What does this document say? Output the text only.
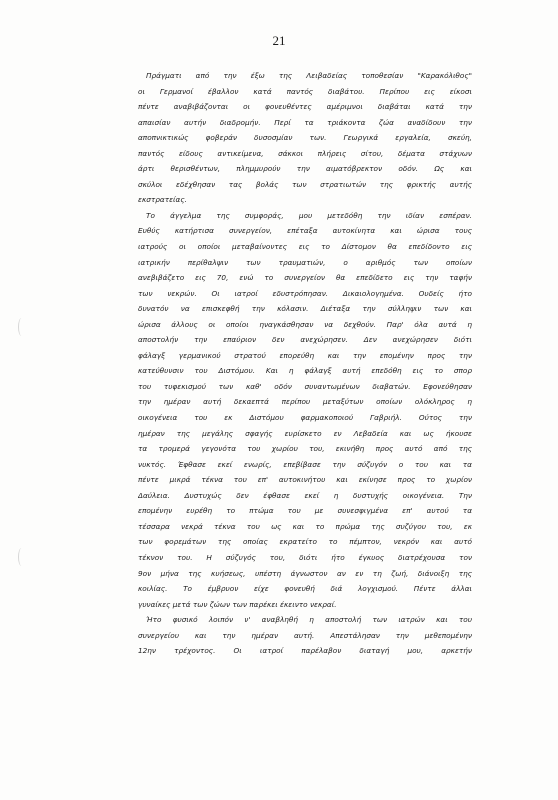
21
Πράγματι από την έξω της Λειβαδείας τοποθεσίαν "Καρακόλιθος"
οι Γερμανοί έβαλλον κατά παντός διαβάτου. Περίπου εις είκοσι
πέντε αναβιβάζονται οι φονευθέντες αμέριμνοι διαβάται κατά την
απαισίαν αυτήν διαδρομήν. Περί τα τριάκοντα ζώα αναδίδουν την
αποπνικτικώς φοβεράν δυσοσμίαν των. Γεωργικά εργαλεία, σκεύη,
παντός είδους αντικείμενα, σάκκοι πλήρεις σίτου, δέματα στάχυων
άρτι θερισθέντων, πλημμυρούν την αιματόβρεκτον οδόν. Ως και
σκύλοι εδέχθησαν τας βολάς των στρατιωτών της φρικτής αυτής
εκστρατείας.
Το άγγελμα της συμφοράς, μου μετεδόθη την ιδίαν εσπέραν.
Ευθύς κατήρτισα συνεργείον, επέταξα αυτοκίνητα και ώρισα τους
ιατρούς οι οποίοι μεταβαίνοντες εις το Δίστομον θα επεδίδοντο εις
ιατρικήν περίθαλψιν των τραυματιών, ο αριθμός των οποίων
ανεβιβάζετο εις 70, ενώ το συνεργείον θα επεδίδετο εις την ταφήν
των νεκρών. Οι ιατροί εδυστρόπησαν. Δικαιολογημένα. Ουδείς ήτο
δυνατόν να επισκεφθή την κόλασιν. Διέταξα την σύλληψιν των και
ώρισα άλλους οι οποίοι ηναγκάσθησαν να δεχθούν. Παρ' όλα αυτά η
αποστολήν την επαύριον δεν ανεχώρησεν. Δεν ανεχώρησεν διότι
φάλαγξ γερμανικού στρατού επορεύθη και την επομένην προς την
κατεύθυνσιν του Διστόμου. Και η φάλαγξ αυτή επεδόθη εις το σπορ
του τυφεκισμού των καθ' οδόν συναντωμένων διαβατών. Εφονεύθησαν
την ημέραν αυτή δεκαεπτά περίπου μεταξύτων οποίων ολόκληρος η
οικογένεια του εκ Διστόμου φαρμακοποιού Γαβριήλ. Ούτος την
ημέραν της μεγάλης σφαγής ευρίσκετο εν Λεβαδεία και ως ήκουσε
τα τρομερά γεγονότα του χωρίου του, εκινήθη προς αυτό από της
νυκτός. Έφθασε εκεί ενωρίς, επεβίβασε την σύζυγόν ο του και τα
πέντε μικρά τέκνα του επ' αυτοκινήτου και εκίνησε προς το χωρίον
Δαύλεια. Δυστυχώς δεν έφθασε εκεί η δυστυχής οικογένεια. Την
επομένην ευρέθη το πτώμα του με συνεσφιγμένα επ' αυτού τα
τέσσαρα νεκρά τέκνα του ως και το πρώμα της συζύγου του, εκ
των φορεμάτων της οποίας εκρατείτο το πέμπτον, νεκρόν και αυτό
τέκνον του. Η σύζυγός του, διότι ήτο έγκυος διατρέχουσα τον
9ον μήνα της κυήσεως, υπέστη άγνωστον αν εν τη ζωή, διάνοιξη της
κοιλίας. Το έμβρυον είχε φονευθή διά λογχισμού. Πέντε άλλαι
γυναίκες μετά των ζώων των παρέκει έκειντο νεκραί.
Ήτο φυσικό λοιπόν ν' αναβληθή η αποστολή των ιατρών και του
συνεργείου και την ημέραν αυτή. Απεστάλησαν την μεθεπομένην
12ην τρέχοντος. Οι ιατροί παρέλαβον διαταγή μου, αρκετήν
